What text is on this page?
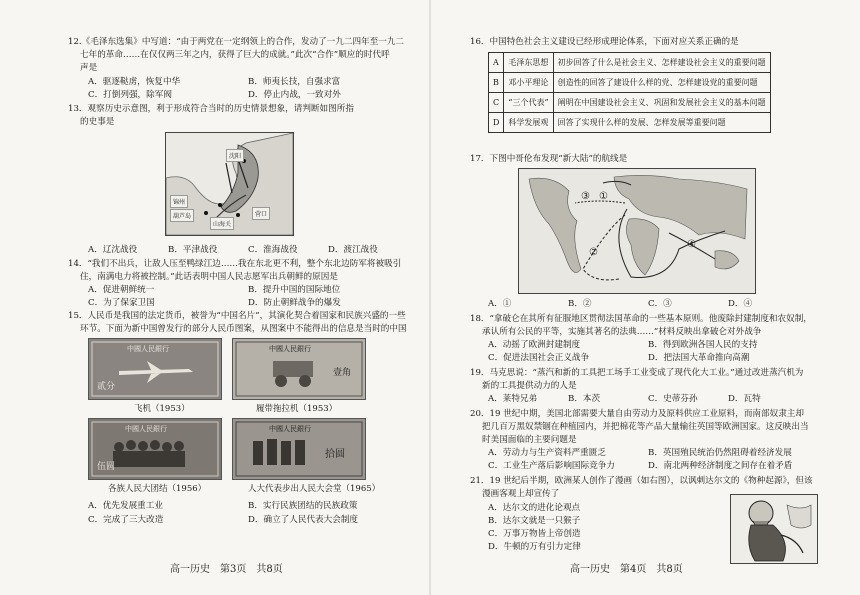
12.《毛泽东选集》中写道：“由于两党在一定纲领上的合作，发动了一九二四年至一九二
七年的革命……在仅仅两三年之内，获得了巨大的成就。”此次“合作”顺应的时代呼
声是
A．驱逐鞑虏，恢复中华	B．师夷长技，自强求富
C．打倒列强，除军阀	D．停止内战，一致对外
13．观察历史示意图，利于形成符合当时的历史情景想象，请判断如图所指
的史事是
沈阳
山海关
营口
锦州
葫芦岛
A．辽沈战役	B．平津战役	C．淮海战役	D．渡江战役
14．“我们不出兵，让敌人压至鸭绿江边……我在东北更不利，整个东北边防军将被吸引
住，南满电力将被控制。”此话表明中国人民志愿军出兵朝鲜的原因是
A．促进朝鲜统一	B．提升中国的国际地位
C．为了保家卫国	D．防止朝鲜战争的爆发
15．人民币是我国的法定货币，被誉为“中国名片”，其演化契合着国家和民族兴盛的一些
环节。下面为新中国曾发行的部分人民币图案，从图案中不能得出的信息是当时的中国
中國人民銀行
贰分
飞机（1953）
中國人民銀行
壹角
履带拖拉机（1953）
中國人民銀行
伍圆
各族人民大团结（1956）
中國人民銀行
拾圆
人大代表步出人民大会堂（1965）
A．优先发展重工业	B．实行民族团结的民族政策
C．完成了三大改造	D．确立了人民代表大会制度
高一历史　第3页　共8页
16．中国特色社会主义建设已经形成理论体系，下面对应关系正确的是
A	毛泽东思想	初步回答了什么是社会主义、怎样建设社会主义的重要问题
B	邓小平理论	创造性的回答了建设什么样的党、怎样建设党的重要问题
C	“三个代表”	阐明在中国建设社会主义、巩固和发展社会主义的基本问题
D	科学发展观	回答了实现什么样的发展、怎样发展等重要问题
17．下图中哥伦布发现“新大陆”的航线是
①
②
③
④
A．①	B．②	C．③	D．④
18．“拿破仑在其所有征服地区贯彻法国革命的一些基本原则。他废除封建制度和农奴制，
承认所有公民的平等，实施其著名的法典……”材料反映出拿破仑对外战争
A．动摇了欧洲封建制度	B．得到欧洲各国人民的支持
C．促进法国社会正义战争	D．把法国大革命推向高潮
19．马克思说：“蒸汽和新的工具把工场手工业变成了现代化大工业。”通过改进蒸汽机为
新的工具提供动力的人是
A．莱特兄弟	B．本茨	C．史蒂芬孙	D．瓦特
20．19 世纪中期，美国北部需要大量自由劳动力及原料供应工业原料，而南部奴隶主却
把几百万黑奴禁锢在种植园内，并把棉花等产品大量输往英国等欧洲国家。这反映出当
时美国面临的主要问题是
A．劳动力与生产资料严重匮乏	B．英国殖民统治仍然阻碍着经济发展
C．工业生产落后影响国际竞争力	D．南北两种经济制度之间存在着矛盾
21．19 世纪后半期，欧洲某人创作了漫画（如右图），以讽刺达尔文的《物种起源》，但该
漫画客观上却宣传了
A．达尔文的进化论观点
B．达尔文就是一只猴子
C．万事万物皆上帝创造
D．牛顿的万有引力定律
高一历史　第4页　共8页
